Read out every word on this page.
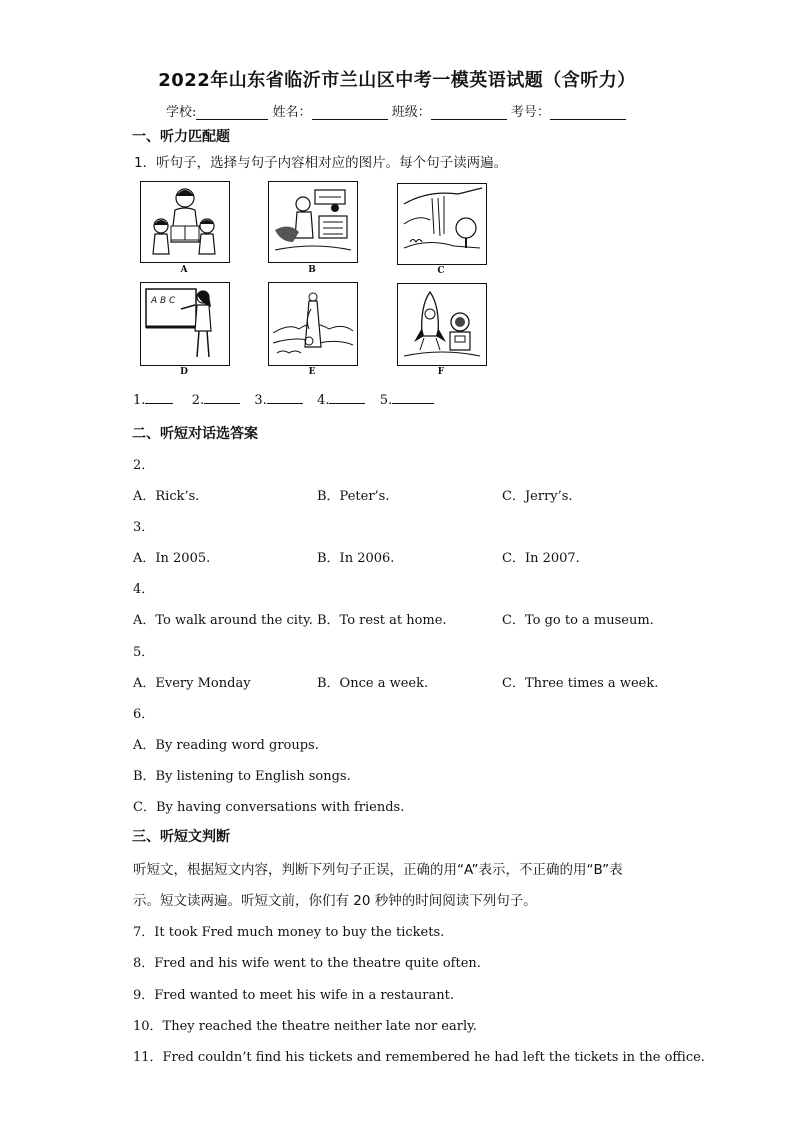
2022年山东省临沂市兰山区中考一模英语试题（含听力）
学校:	姓名：	班级：	考号：
一、听力匹配题
1．听句子，选择与句子内容相对应的图片。每个句子读两遍。
A	B	C
A B C
D	E	F
1.	2.	3.	4.	5.
二、听短对话选答案
2．
A．Rick’s.	B．Peter’s.	C．Jerry’s.
3．
A．In 2005.	B．In 2006.	C．In 2007.
4．
A．To walk around the city. B．To rest at home.	C．To go to a museum.
5．
A．Every Monday	B．Once a week.	C．Three times a week.
6．
A．By reading word groups.
B．By listening to English songs.
C．By having conversations with friends.
三、听短文判断
听短文，根据短文内容，判断下列句子正误，正确的用“A”表示，不正确的用“B”表
示。短文读两遍。听短文前，你们有 20 秒钟的时间阅读下列句子。
7．It took Fred much money to buy the tickets.
8．Fred and his wife went to the theatre quite often.
9．Fred wanted to meet his wife in a restaurant.
10．They reached the theatre neither late nor early.
11．Fred couldn’t find his tickets and remembered he had left the tickets in the office.
